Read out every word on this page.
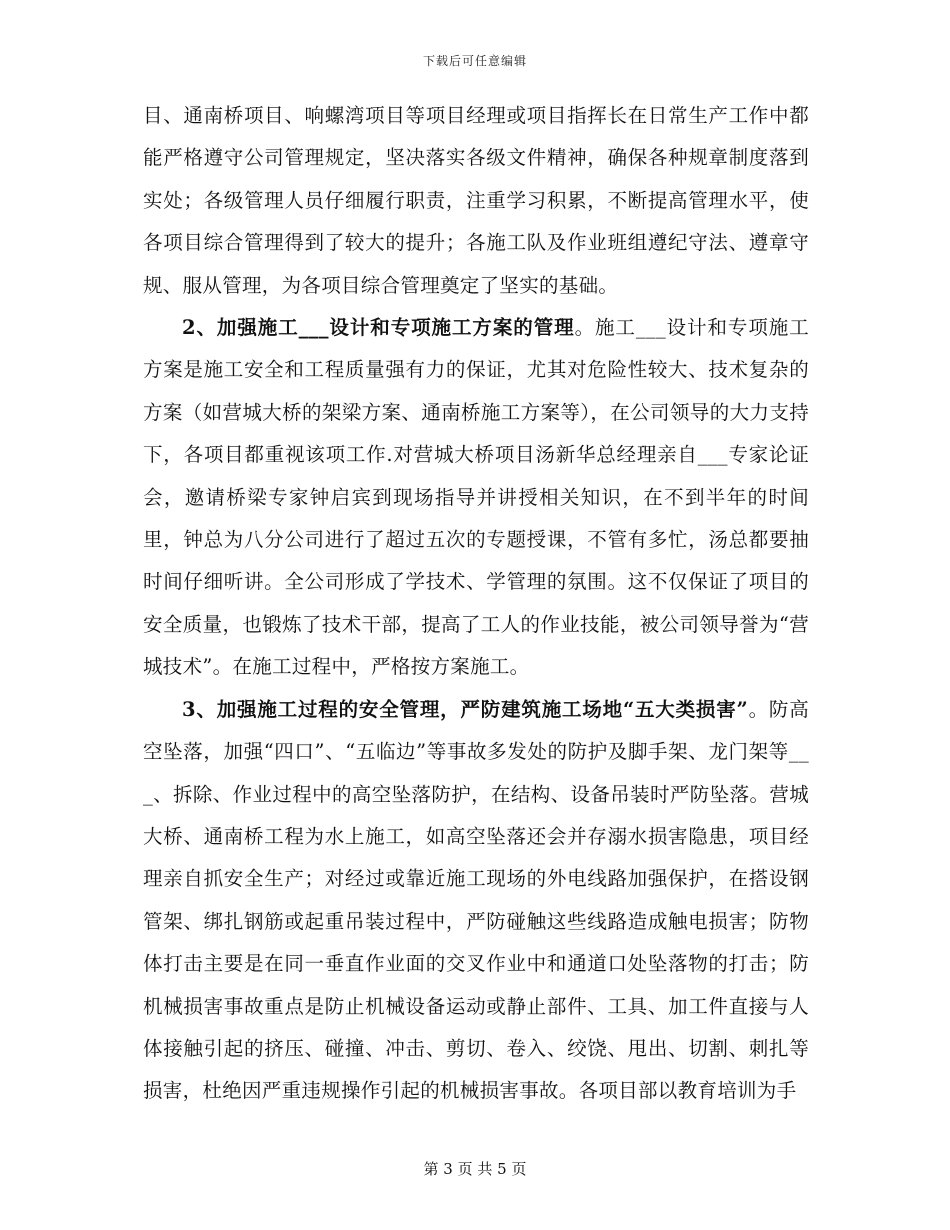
下载后可任意编辑

目、通南桥项目、响螺湾项目等项目经理或项目指挥长在日常生产工作中都能严格遵守公司管理规定，坚决落实各级文件精神，确保各种规章制度落到实处；各级管理人员仔细履行职责，注重学习积累，不断提高管理水平，使各项目综合管理得到了较大的提升；各施工队及作业班组遵纪守法、遵章守规、服从管理，为各项目综合管理奠定了坚实的基础。

2、加强施工___设计和专项施工方案的管理。施工___设计和专项施工方案是施工安全和工程质量强有力的保证，尤其对危险性较大、技术复杂的方案（如营城大桥的架梁方案、通南桥施工方案等），在公司领导的大力支持下，各项目都重视该项工作.对营城大桥项目汤新华总经理亲自___专家论证会，邀请桥梁专家钟启宾到现场指导并讲授相关知识，在不到半年的时间里，钟总为八分公司进行了超过五次的专题授课，不管有多忙，汤总都要抽时间仔细听讲。全公司形成了学技术、学管理的氛围。这不仅保证了项目的安全质量，也锻炼了技术干部，提高了工人的作业技能，被公司领导誉为“营城技术”。在施工过程中，严格按方案施工。

3、加强施工过程的安全管理，严防建筑施工场地“五大类损害”。防高空坠落，加强“四口”、“五临边”等事故多发处的防护及脚手架、龙门架等___、拆除、作业过程中的高空坠落防护，在结构、设备吊装时严防坠落。营城大桥、通南桥工程为水上施工，如高空坠落还会并存溺水损害隐患，项目经理亲自抓安全生产；对经过或靠近施工现场的外电线路加强保护，在搭设钢管架、绑扎钢筋或起重吊装过程中，严防碰触这些线路造成触电损害；防物体打击主要是在同一垂直作业面的交叉作业中和通道口处坠落物的打击；防机械损害事故重点是防止机械设备运动或静止部件、工具、加工件直接与人体接触引起的挤压、碰撞、冲击、剪切、卷入、绞饶、甩出、切割、刺扎等损害，杜绝因严重违规操作引起的机械损害事故。各项目部以教育培训为手

第 3 页 共 5 页
